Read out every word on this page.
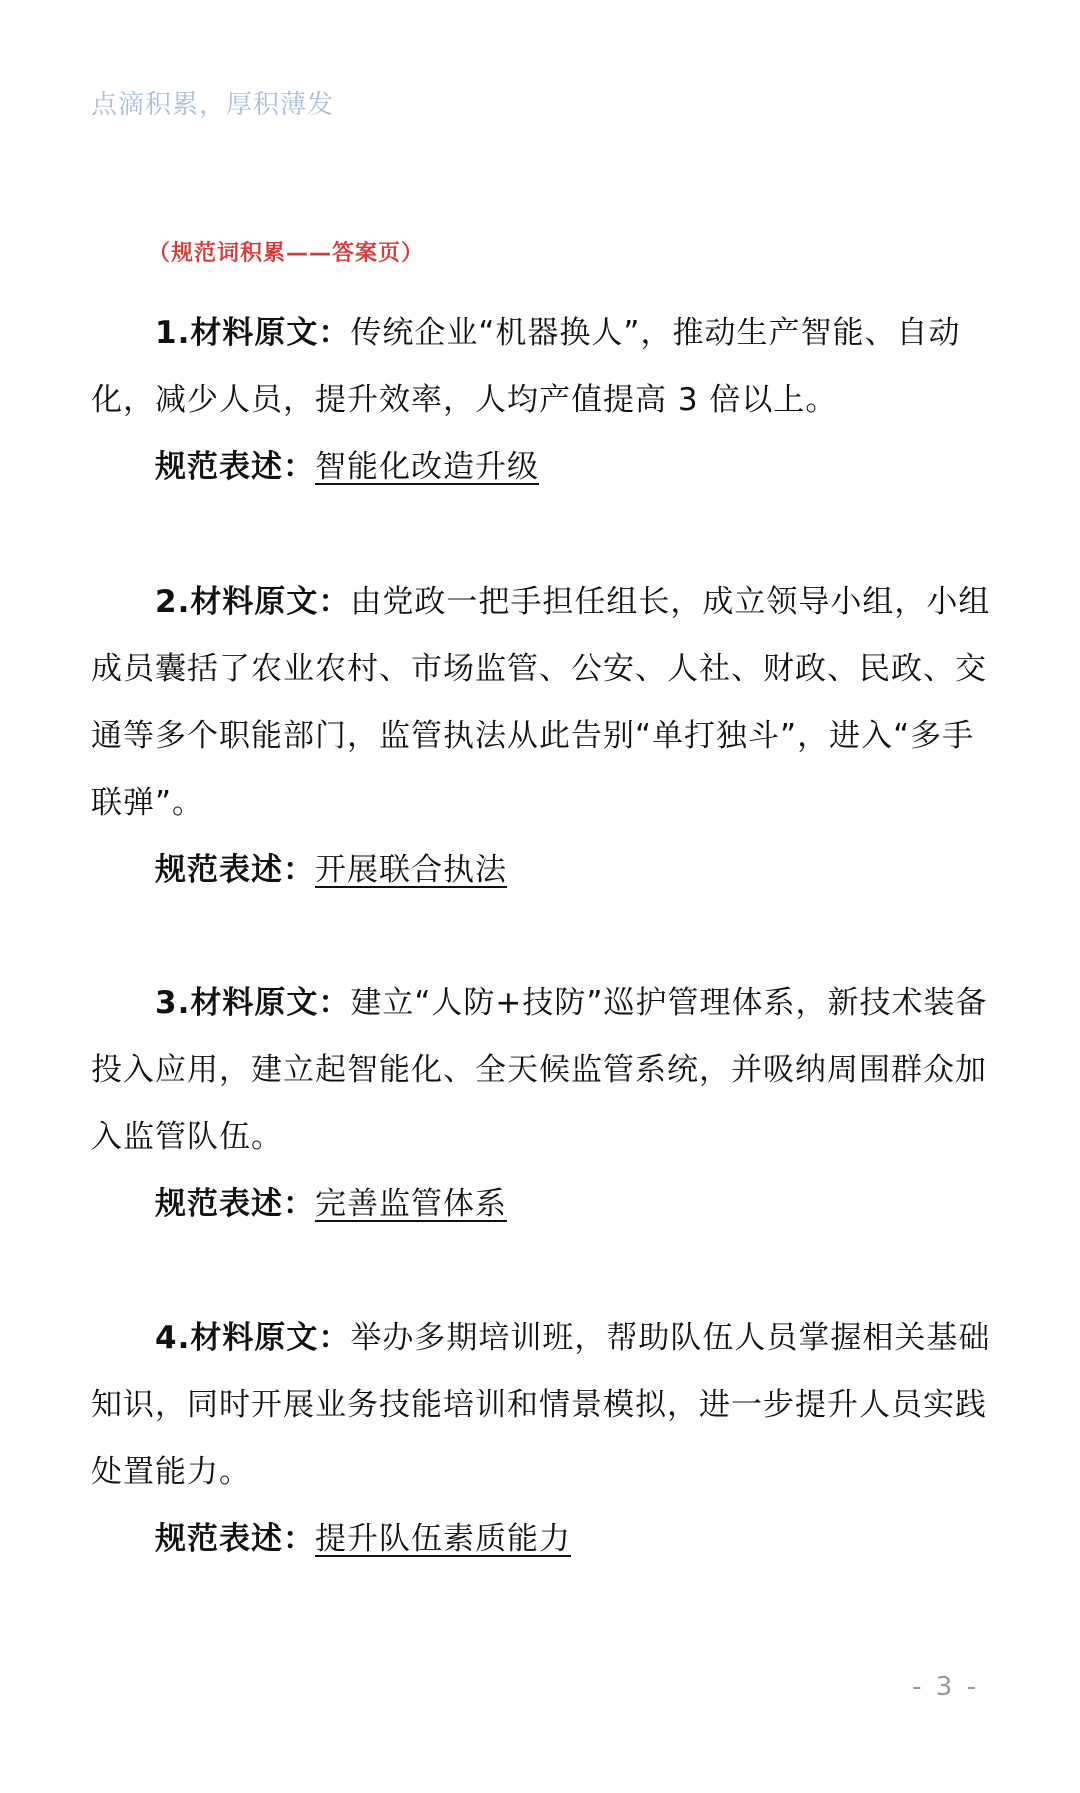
点滴积累，厚积薄发
（规范词积累——答案页）

1.材料原文：传统企业“机器换人”，推动生产智能、自动化，减少人员，提升效率，人均产值提高 3 倍以上。

规范表述：智能化改造升级

2.材料原文：由党政一把手担任组长，成立领导小组，小组成员囊括了农业农村、市场监管、公安、人社、财政、民政、交通等多个职能部门，监管执法从此告别“单打独斗”，进入“多手联弹”。

规范表述：开展联合执法

3.材料原文：建立“人防+技防”巡护管理体系，新技术装备投入应用，建立起智能化、全天候监管系统，并吸纳周围群众加入监管队伍。

规范表述：完善监管体系

4.材料原文：举办多期培训班，帮助队伍人员掌握相关基础知识，同时开展业务技能培训和情景模拟，进一步提升人员实践处置能力。

规范表述：提升队伍素质能力

- 3 -
